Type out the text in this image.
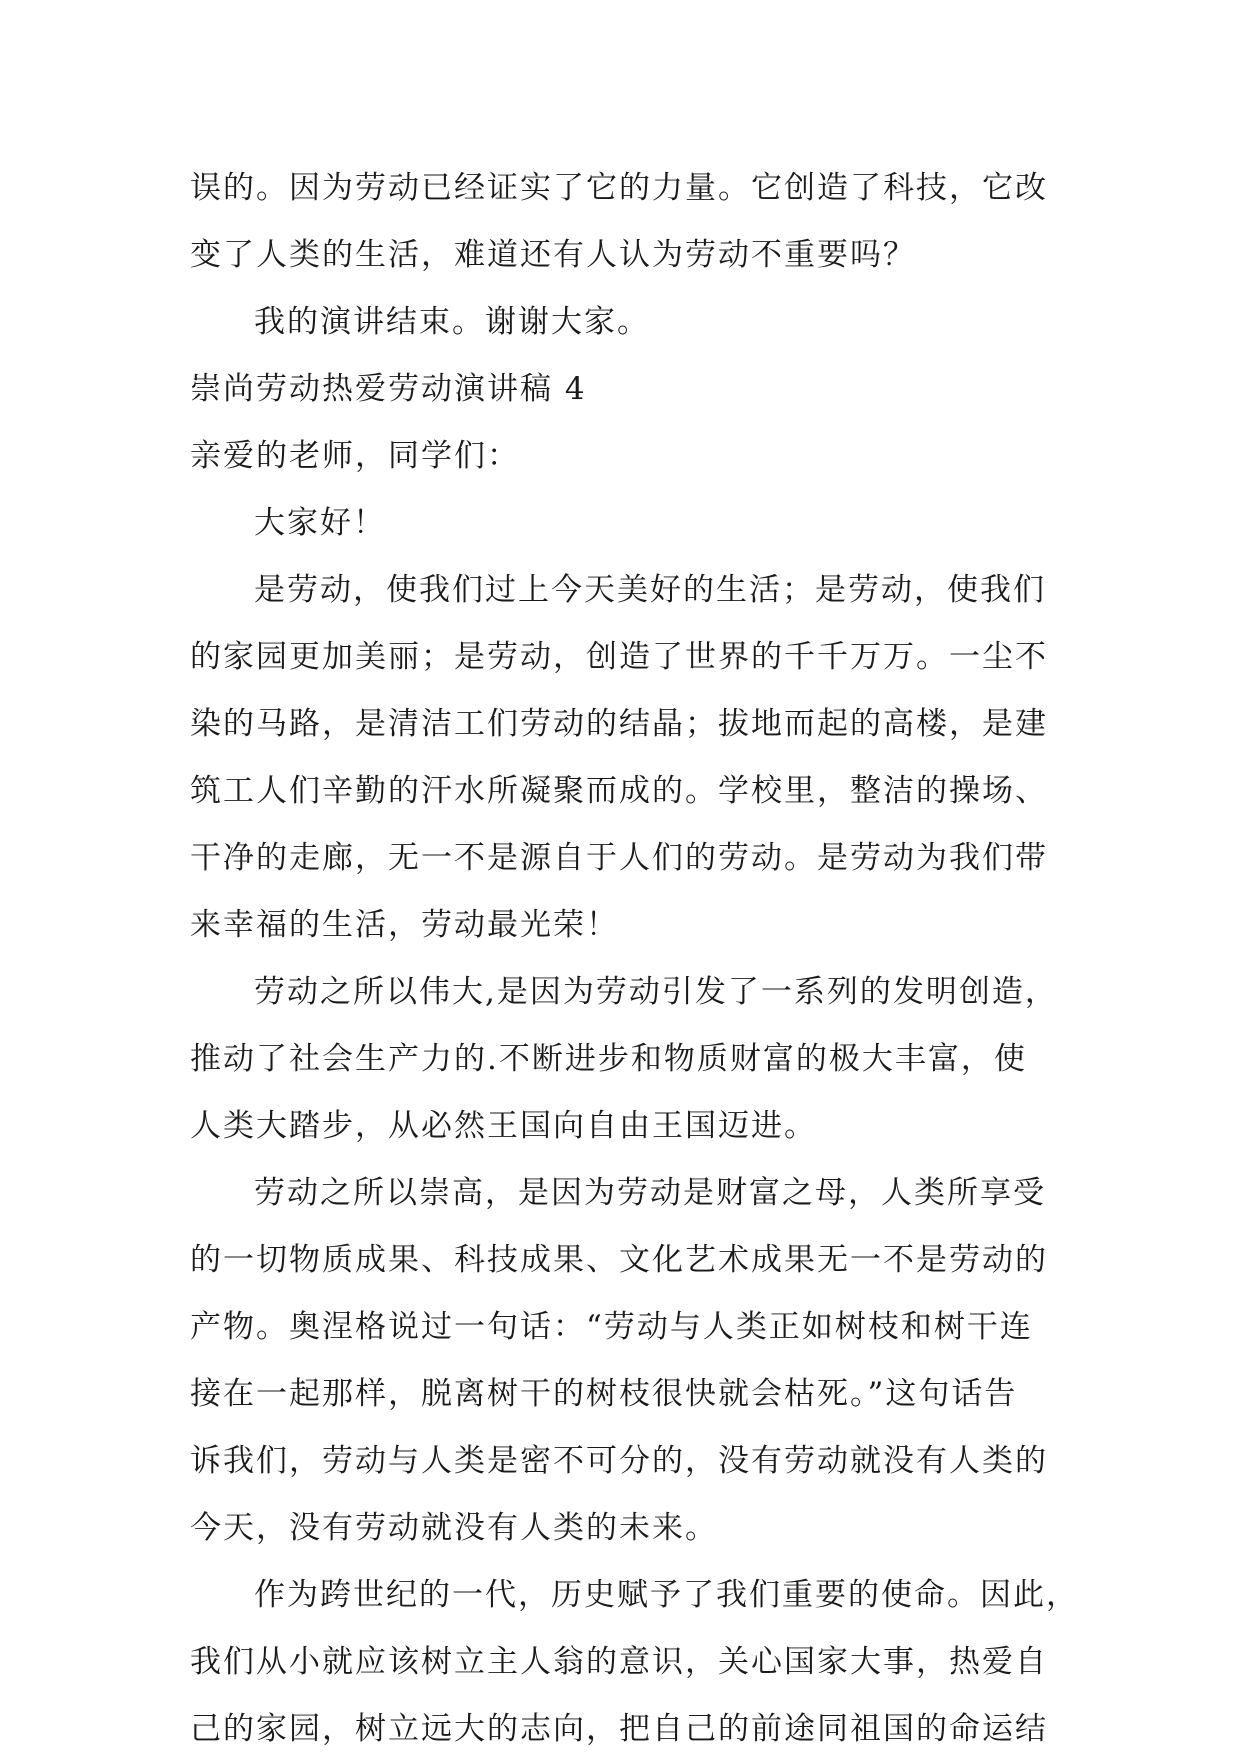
误的。因为劳动已经证实了它的力量。它创造了科技，它改
变了人类的生活，难道还有人认为劳动不重要吗？
我的演讲结束。谢谢大家。
崇尚劳动热爱劳动演讲稿 4
亲爱的老师，同学们：
大家好！
是劳动，使我们过上今天美好的生活；是劳动，使我们
的家园更加美丽；是劳动，创造了世界的千千万万。一尘不
染的马路，是清洁工们劳动的结晶；拔地而起的高楼，是建
筑工人们辛勤的汗水所凝聚而成的。学校里，整洁的操场、
干净的走廊，无一不是源自于人们的劳动。是劳动为我们带
来幸福的生活，劳动最光荣！
劳动之所以伟大,是因为劳动引发了一系列的发明创造，
推动了社会生产力的.不断进步和物质财富的极大丰富，使
人类大踏步，从必然王国向自由王国迈进。
劳动之所以崇高，是因为劳动是财富之母，人类所享受
的一切物质成果、科技成果、文化艺术成果无一不是劳动的
产物。奥涅格说过一句话：“劳动与人类正如树枝和树干连
接在一起那样，脱离树干的树枝很快就会枯死。”这句话告
诉我们，劳动与人类是密不可分的，没有劳动就没有人类的
今天，没有劳动就没有人类的未来。
作为跨世纪的一代，历史赋予了我们重要的使命。因此，
我们从小就应该树立主人翁的意识，关心国家大事，热爱自
己的家园，树立远大的志向，把自己的前途同祖国的命运结
